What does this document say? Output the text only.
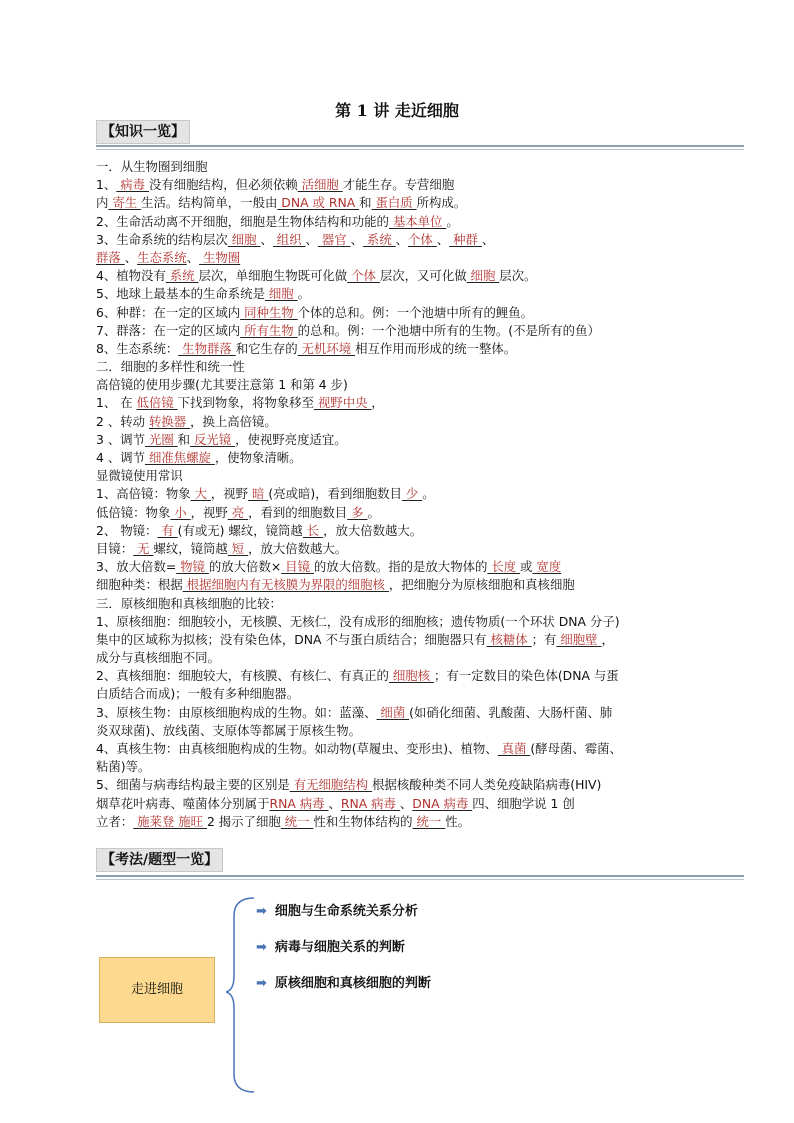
第 1 讲 走近细胞
【知识一览】
一．从生物圈到细胞
1、 病毒 没有细胞结构，但必须依赖 活细胞 才能生存。专营细胞
内 寄生 生活。结构简单，一般由 DNA 或 RNA 和 蛋白质 所构成。
2、生命活动离不开细胞，细胞是生物体结构和功能的 基本单位 。
3、生命系统的结构层次 细胞 、 组织 、 器官 、 系统 、个体 、 种群 、
群落 、生态系统、 生物圈
4、植物没有 系统 层次，单细胞生物既可化做 个体 层次，又可化做 细胞 层次。
5、地球上最基本的生命系统是 细胞 。
6、种群：在一定的区域内 同种生物 个体的总和。例：一个池塘中所有的鲤鱼。
7、群落：在一定的区域内 所有生物 的总和。例：一个池塘中所有的生物。(不是所有的鱼）
8、生态系统： 生物群落 和它生存的 无机环境 相互作用而形成的统一整体。
二．细胞的多样性和统一性
高倍镜的使用步骤(尤其要注意第 1 和第 4 步)
1、 在 低倍镜 下找到物象，将物象移至 视野中央 ，
2 、转动 转换器 ，换上高倍镜。
3 、调节 光圈 和 反光镜 ，使视野亮度适宜。
4 、调节 细准焦螺旋 ，使物象清晰。
显微镜使用常识
1、高倍镜：物象 大 ，视野 暗 (亮或暗)，看到细胞数目 少 。
低倍镜：物象 小 ，视野 亮 ，看到的细胞数目 多 。
2、 物镜： 有 (有或无) 螺纹，镜筒越 长 ，放大倍数越大。
目镜： 无 螺纹，镜筒越 短 ，放大倍数越大。
3、放大倍数= 物镜 的放大倍数× 目镜 的放大倍数。指的是放大物体的 长度 或 宽度
细胞种类：根据 根据细胞内有无核膜为界限的细胞核 ，把细胞分为原核细胞和真核细胞
三．原核细胞和真核细胞的比较：
1、原核细胞：细胞较小，无核膜、无核仁，没有成形的细胞核；遗传物质(一个环状 DNA 分子)
集中的区域称为拟核；没有染色体，DNA 不与蛋白质结合；细胞器只有 核糖体 ；有 细胞壁 ，
成分与真核细胞不同。
2、真核细胞：细胞较大，有核膜、有核仁、有真正的 细胞核 ；有一定数目的染色体(DNA 与蛋
白质结合而成)；一般有多种细胞器。
3、原核生物：由原核细胞构成的生物。如：蓝藻、 细菌 (如硝化细菌、乳酸菌、大肠杆菌、肺
炎双球菌)、放线菌、支原体等都属于原核生物。
4、真核生物：由真核细胞构成的生物。如动物(草履虫、变形虫)、植物、 真菌 (酵母菌、霉菌、
粘菌)等。
5、细菌与病毒结构最主要的区别是 有无细胞结构 根据核酸种类不同人类免疫缺陷病毒(HIV)
烟草花叶病毒、噬菌体分别属于RNA 病毒 、RNA 病毒 、DNA 病毒 四、细胞学说 1 创
立者： 施莱登 施旺 2 揭示了细胞 统一 性和生物体结构的 统一 性。
【考法/题型一览】
走进细胞
➡ 细胞与生命系统关系分析
➡ 病毒与细胞关系的判断
➡ 原核细胞和真核细胞的判断
